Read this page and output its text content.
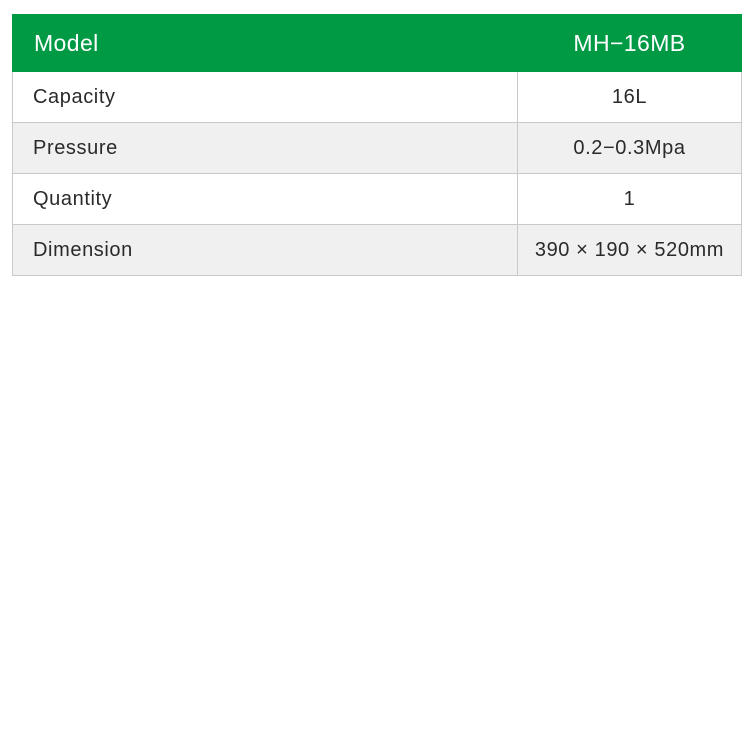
Model	MH−16MB
Capacity	16L
Pressure	0.2−0.3Mpa
Quantity	1
Dimension	390 × 190 × 520mm
